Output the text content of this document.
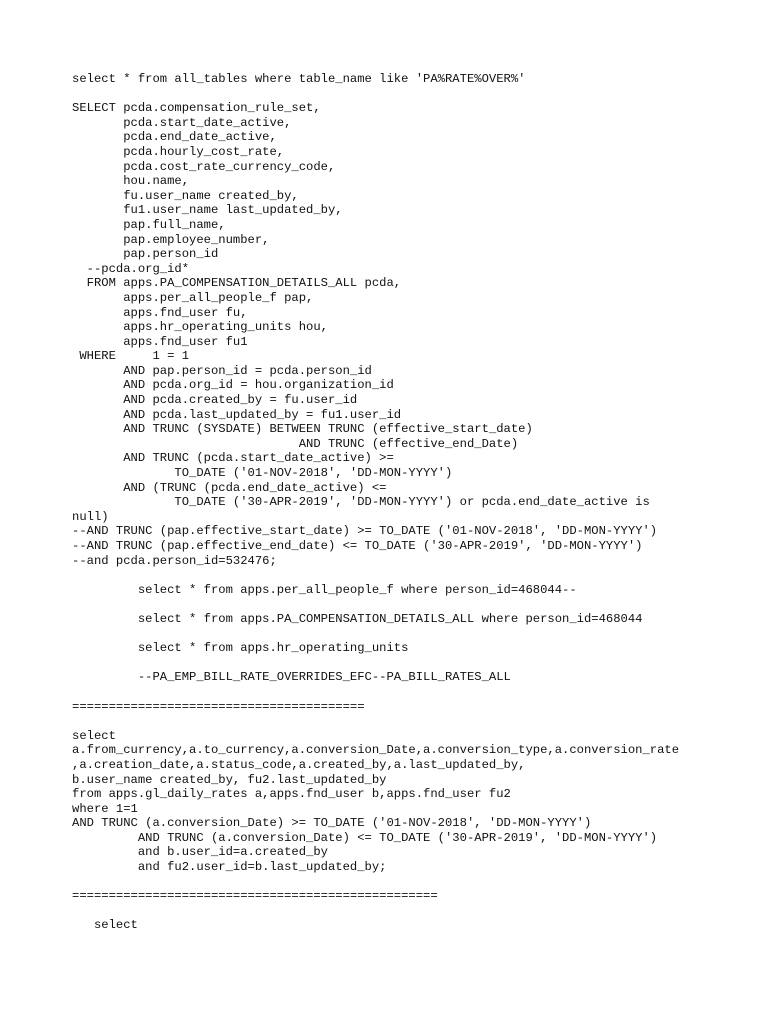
select * from all_tables where table_name like 'PA%RATE%OVER%'

SELECT pcda.compensation_rule_set,
pcda.start_date_active,
pcda.end_date_active,
pcda.hourly_cost_rate,
pcda.cost_rate_currency_code,
hou.name,
fu.user_name created_by,
fu1.user_name last_updated_by,
pap.full_name,
pap.employee_number,
pap.person_id
--pcda.org_id*
FROM apps.PA_COMPENSATION_DETAILS_ALL pcda,
apps.per_all_people_f pap,
apps.fnd_user fu,
apps.hr_operating_units hou,
apps.fnd_user fu1
WHERE     1 = 1
AND pap.person_id = pcda.person_id
AND pcda.org_id = hou.organization_id
AND pcda.created_by = fu.user_id
AND pcda.last_updated_by = fu1.user_id
AND TRUNC (SYSDATE) BETWEEN TRUNC (effective_start_date)
AND TRUNC (effective_end_Date)
AND TRUNC (pcda.start_date_active) >=
TO_DATE ('01-NOV-2018', 'DD-MON-YYYY')
AND (TRUNC (pcda.end_date_active) <=
TO_DATE ('30-APR-2019', 'DD-MON-YYYY') or pcda.end_date_active is
null)
--AND TRUNC (pap.effective_start_date) >= TO_DATE ('01-NOV-2018', 'DD-MON-YYYY')
--AND TRUNC (pap.effective_end_date) <= TO_DATE ('30-APR-2019', 'DD-MON-YYYY')
--and pcda.person_id=532476;

select * from apps.per_all_people_f where person_id=468044--

select * from apps.PA_COMPENSATION_DETAILS_ALL where person_id=468044

select * from apps.hr_operating_units

--PA_EMP_BILL_RATE_OVERRIDES_EFC--PA_BILL_RATES_ALL

========================================

select
a.from_currency,a.to_currency,a.conversion_Date,a.conversion_type,a.conversion_rate
,a.creation_date,a.status_code,a.created_by,a.last_updated_by,
b.user_name created_by, fu2.last_updated_by
from apps.gl_daily_rates a,apps.fnd_user b,apps.fnd_user fu2
where 1=1
AND TRUNC (a.conversion_Date) >= TO_DATE ('01-NOV-2018', 'DD-MON-YYYY')
AND TRUNC (a.conversion_Date) <= TO_DATE ('30-APR-2019', 'DD-MON-YYYY')
and b.user_id=a.created_by
and fu2.user_id=b.last_updated_by;

==================================================

select
